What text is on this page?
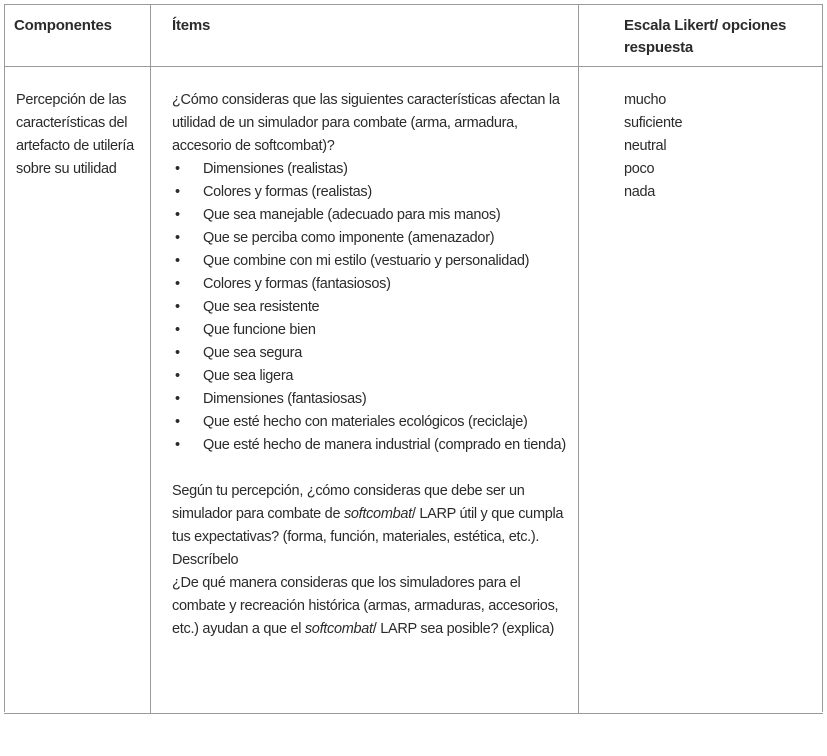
Componentes	Ítems	Escala Likert/ opciones respuesta
Percepción de las características del artefacto de utilería sobre su utilidad

¿Cómo consideras que las siguientes características afectan la utilidad de un simulador para combate (arma, armadura, accesorio de softcombat)?

• Dimensiones (realistas)
• Colores y formas (realistas)
• Que sea manejable (adecuado para mis manos)
• Que se perciba como imponente (amenazador)
• Que combine con mi estilo (vestuario y personalidad)
• Colores y formas (fantasiosos)
• Que sea resistente
• Que funcione bien
• Que sea segura
• Que sea ligera
• Dimensiones (fantasiosas)
• Que esté hecho con materiales ecológicos (reciclaje)
• Que esté hecho de manera industrial (comprado en tienda)

Según tu percepción, ¿cómo consideras que debe ser un simulador para combate de softcombat/ LARP útil y que cumpla tus expectativas? (forma, función, materiales, estética, etc.). Descríbelo

¿De qué manera consideras que los simuladores para el combate y recreación histórica (armas, armaduras, accesorios, etc.) ayudan a que el softcombat/ LARP sea posible? (explica)

mucho
suficiente
neutral
poco
nada
